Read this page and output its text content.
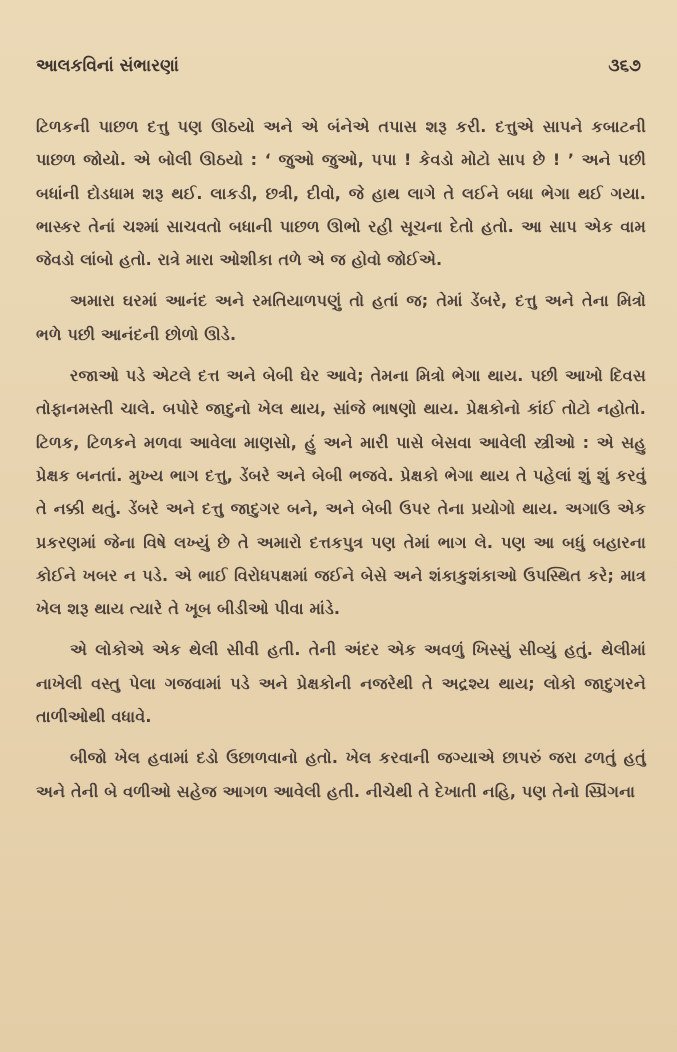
આલકવિનાં સંભારણાં	૩૬૭

ટિળકની પાછળ દત્તુ પણ ઊઠયો અને એ બંનેએ તપાસ શરૂ કરી. દત્તુએ સાપને કબાટની પાછળ જોયો. એ બોલી ઊઠયો : ‘ જુઓ જુઓ, પપા ! કેવડો મોટો સાપ છે ! ’ અને પછી બધાંની દોડધામ શરૂ થઈ. લાકડી, છત્રી, દીવો, જે હાથ લાગે તે લઈને બધા ભેગા થઈ ગયા. ભાસ્કર તેનાં ચશ્માં સાચવતો બધાની પાછળ ઊભો રહી સૂચના દેતો હતો. આ સાપ એક વામ જેવડો લાંબો હતો. રાત્રે મારા ઓશીકા તળે એ જ હોવો જોઈએ.

અમારા ઘરમાં આનંદ અને રમતિયાળપણું તો હતાં જ; તેમાં ડેંબરે, દત્તુ અને તેના મિત્રો ભળે પછી આનંદની છોળો ઊડે.

રજાઓ પડે એટલે દત્ત અને બેબી ઘેર આવે; તેમના મિત્રો ભેગા થાય. પછી આખો દિવસ તોફાનમસ્તી ચાલે. બપોરે જાદુનો ખેલ થાય, સાંજે ભાષણો થાય. પ્રેક્ષકોનો કાંઈ તોટો નહોતો. ટિળક, ટિળકને મળવા આવેલા માણસો, હું અને મારી પાસે બેસવા આવેલી સ્ત્રીઓ : એ સહુ પ્રેક્ષક બનતાં. મુખ્ય ભાગ દત્તુ, ડેંબરે અને બેબી ભજવે. પ્રેક્ષકો ભેગા થાય તે પહેલાં શું શું કરવું તે નક્કી થતું. ડેંબરે અને દત્તુ જાદુગર બને, અને બેબી ઉપર તેના પ્રયોગો થાય. અગાઉ એક પ્રકરણમાં જેના વિષે લખ્યું છે તે અમારો દત્તકપુત્ર પણ તેમાં ભાગ લે. પણ આ બધું બહારના કોઈને ખબર ન પડે. એ ભાઈ વિરોધપક્ષમાં જઈને બેસે અને શંકાકુશંકાઓ ઉપસ્થિત કરે; માત્ર ખેલ શરૂ થાય ત્યારે તે ખૂબ બીડીઓ પીવા માંડે.

એ લોકોએ એક થેલી સીવી હતી. તેની અંદર એક અવળું ખિસ્સું સીવ્યું હતું. થેલીમાં નાખેલી વસ્તુ પેલા ગજવામાં પડે અને પ્રેક્ષકોની નજરેથી તે અદ્રશ્ય થાય; લોકો જાદુગરને તાળીઓથી વધાવે.

બીજો ખેલ હવામાં દડો ઉછાળવાનો હતો. ખેલ કરવાની જગ્યાએ છાપરું જરા ઢળતું હતું અને તેની બે વળીઓ સહેજ આગળ આવેલી હતી. નીચેથી તે દેખાતી નહિ, પણ તેનો સ્પ્રિંગના
